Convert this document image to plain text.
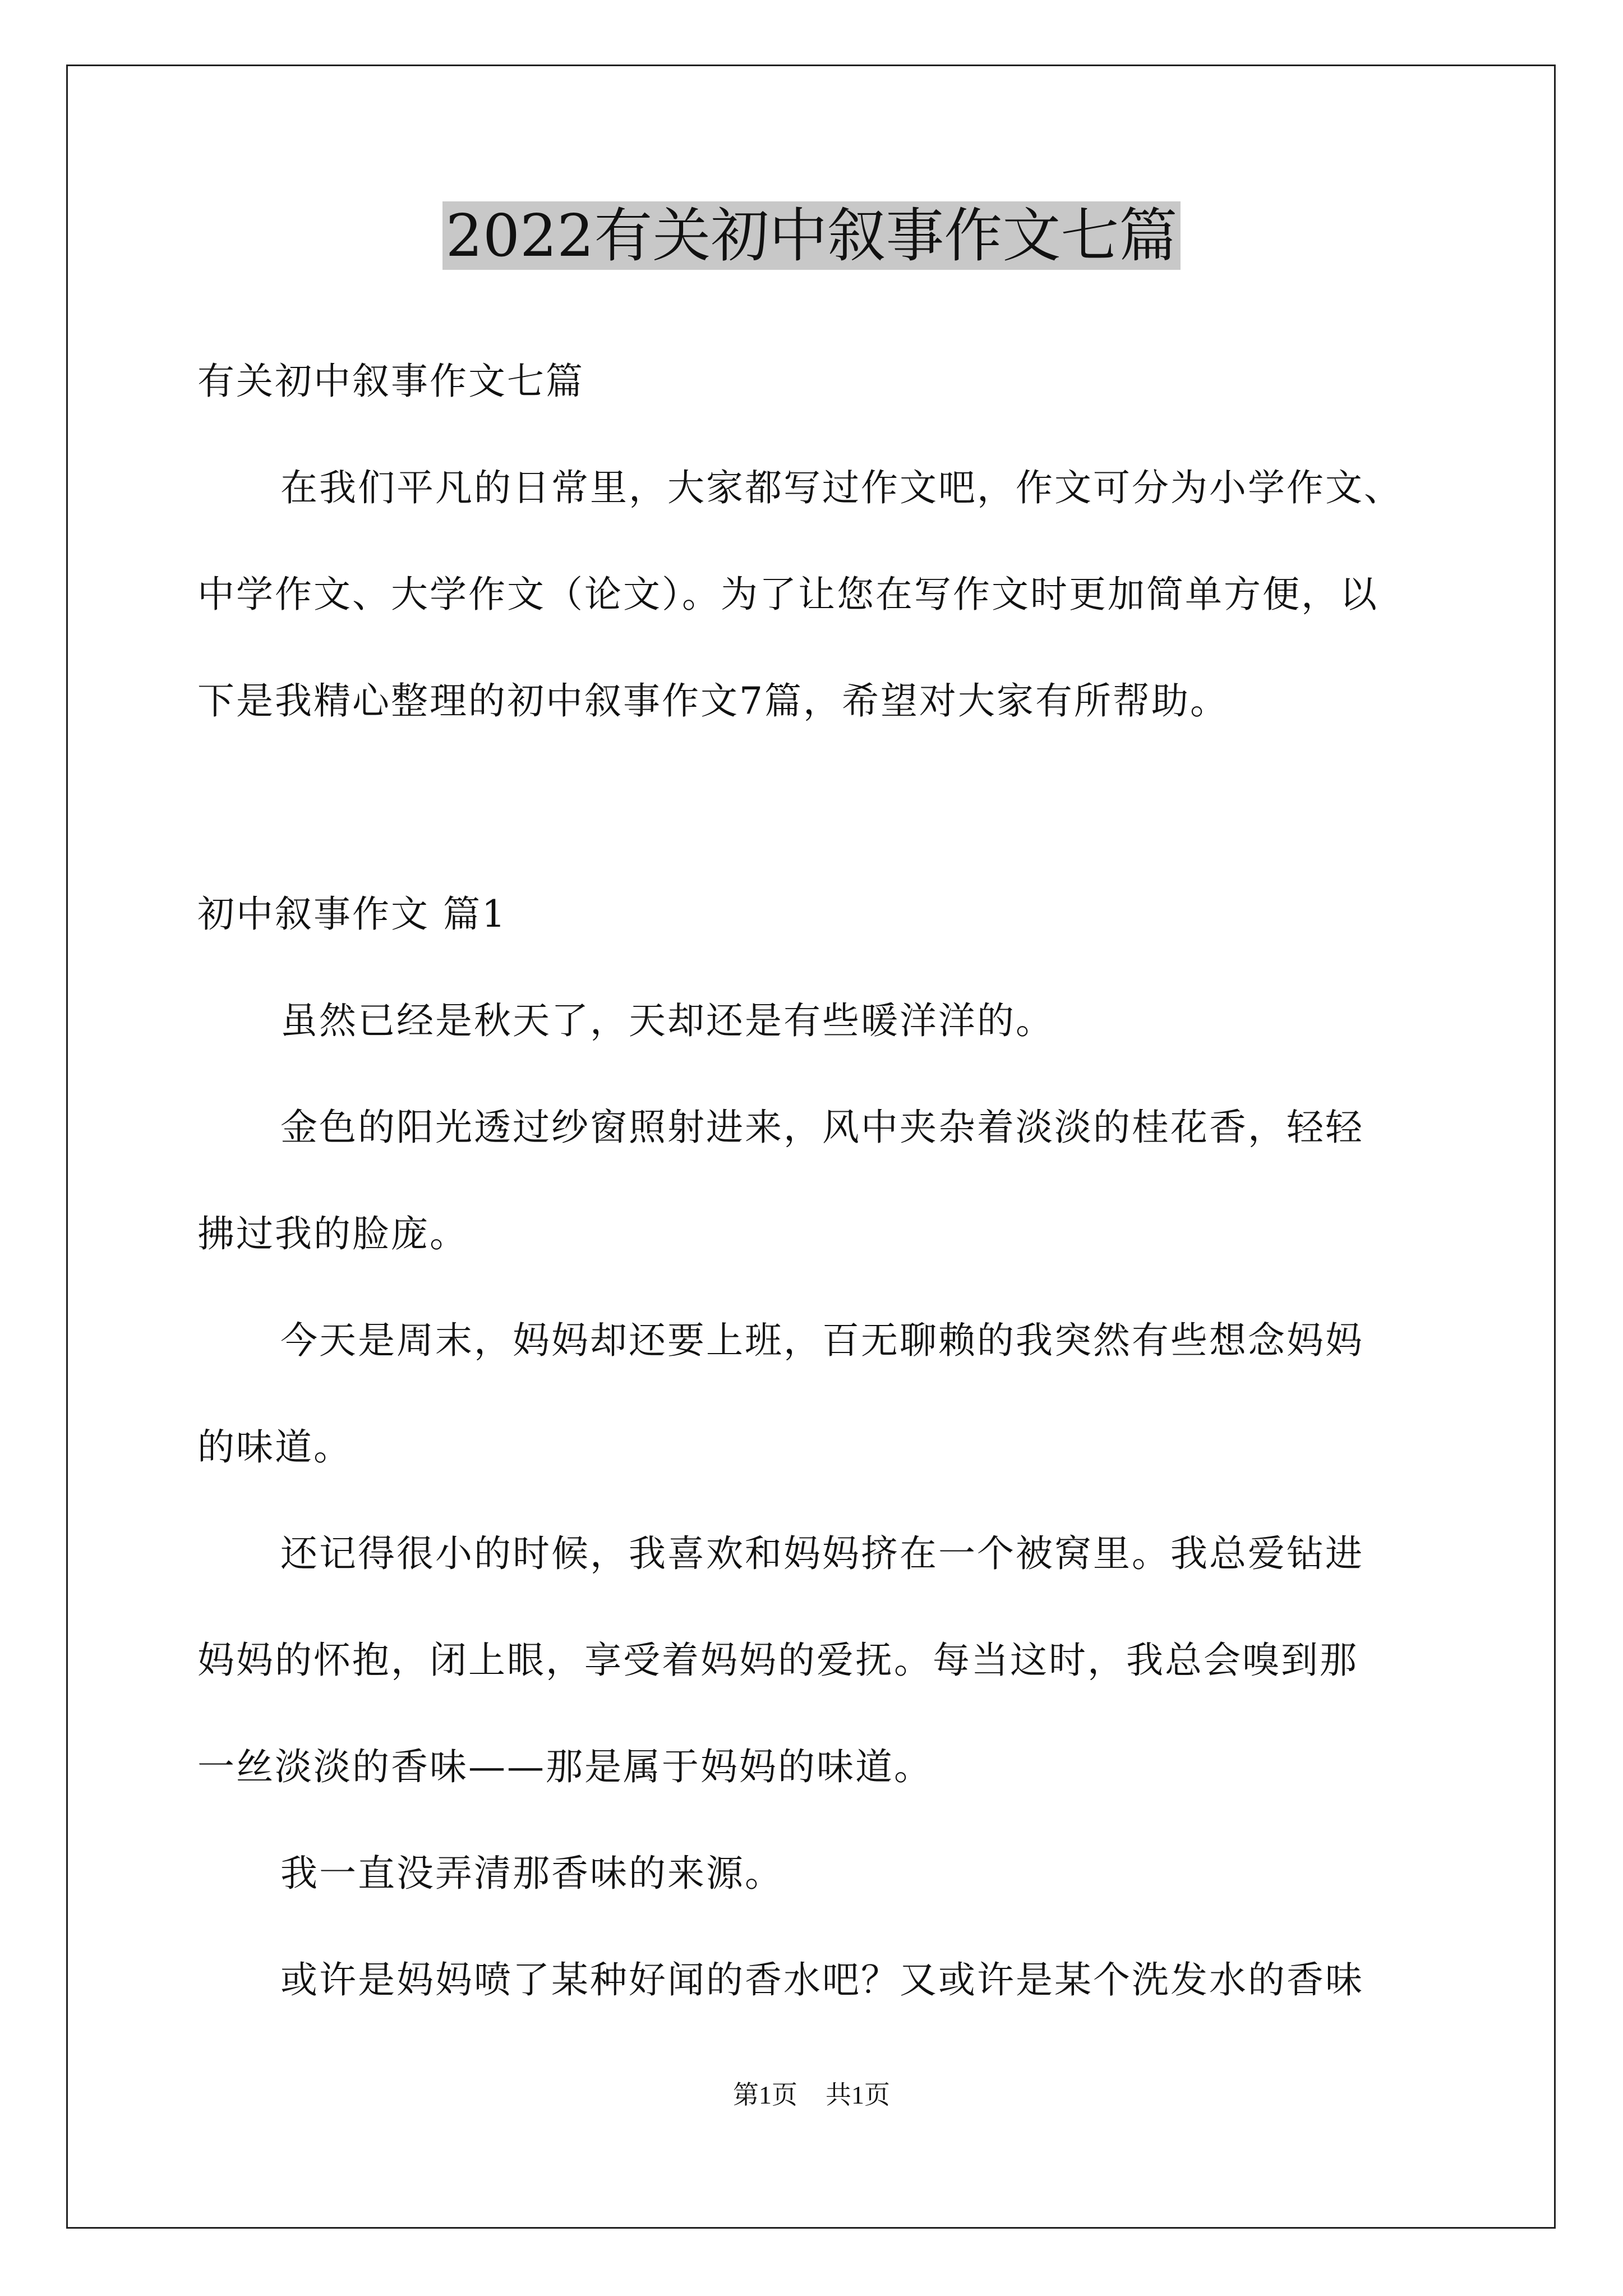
2022有关初中叙事作文七篇
有关初中叙事作文七篇
在我们平凡的日常里，大家都写过作文吧，作文可分为小学作文、
中学作文、大学作文（论文）。为了让您在写作文时更加简单方便，以
下是我精心整理的初中叙事作文7篇，希望对大家有所帮助。
初中叙事作文 篇1
虽然已经是秋天了，天却还是有些暖洋洋的。
金色的阳光透过纱窗照射进来，风中夹杂着淡淡的桂花香，轻轻
拂过我的脸庞。
今天是周末，妈妈却还要上班，百无聊赖的我突然有些想念妈妈
的味道。
还记得很小的时候，我喜欢和妈妈挤在一个被窝里。我总爱钻进
妈妈的怀抱，闭上眼，享受着妈妈的爱抚。每当这时，我总会嗅到那
一丝淡淡的香味——那是属于妈妈的味道。
我一直没弄清那香味的来源。
或许是妈妈喷了某种好闻的香水吧？又或许是某个洗发水的香味
第1页 共1页
